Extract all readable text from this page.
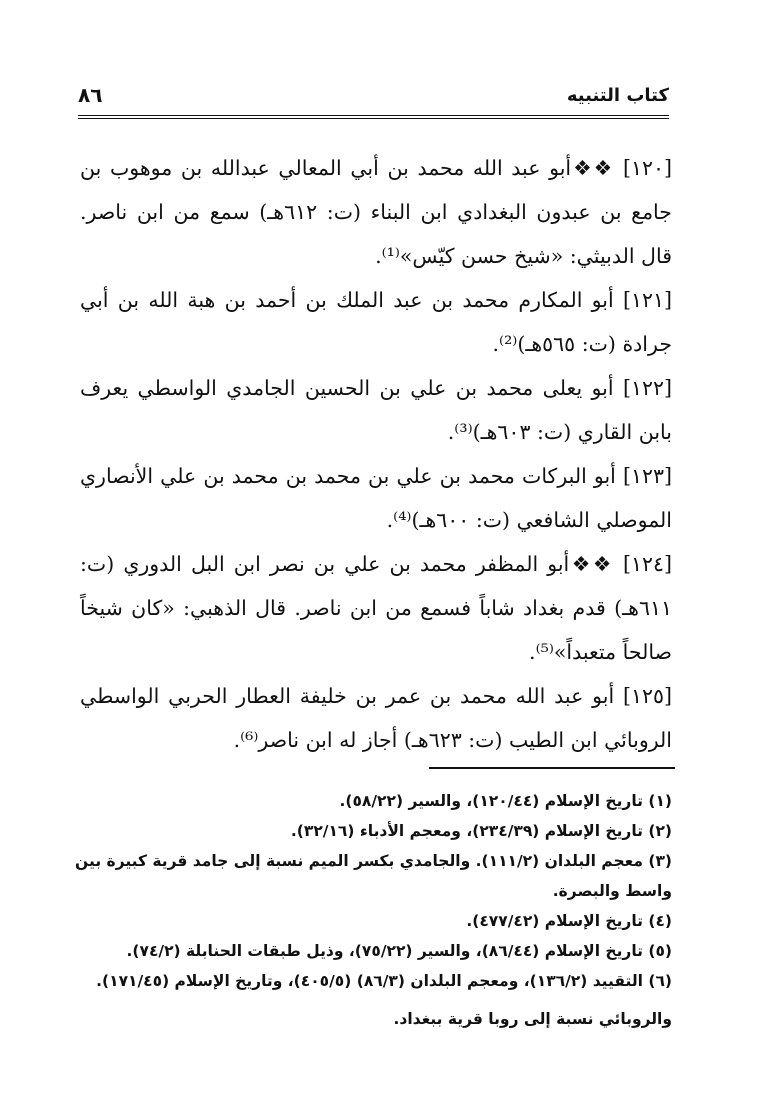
كتاب التنبيه
٨٦

[١٢٠] ❖❖أبو عبد الله محمد بن أبي المعالي عبدالله بن موهوب بن جامع بن عبدون البغدادي ابن البناء (ت: ٦١٢هـ) سمع من ابن ناصر. قال الدبيثي: «شيخ حسن كيّس»⁽¹⁾.

[١٢١] أبو المكارم محمد بن عبد الملك بن أحمد بن هبة الله بن أبي جرادة (ت: ٥٦٥هـ)⁽²⁾.

[١٢٢] أبو يعلى محمد بن علي بن الحسين الجامدي الواسطي يعرف بابن القاري (ت: ٦٠٣هـ)⁽³⁾.

[١٢٣] أبو البركات محمد بن علي بن محمد بن محمد بن علي الأنصاري الموصلي الشافعي (ت: ٦٠٠هـ)⁽⁴⁾.

[١٢٤] ❖❖أبو المظفر محمد بن علي بن نصر ابن البل الدوري (ت: ٦١١هـ) قدم بغداد شاباً فسمع من ابن ناصر. قال الذهبي: «كان شيخاً صالحاً متعبداً»⁽⁵⁾.

[١٢٥] أبو عبد الله محمد بن عمر بن خليفة العطار الحربي الواسطي الروبائي ابن الطيب (ت: ٦٢٣هـ) أجاز له ابن ناصر⁽⁶⁾.

(١) تاريخ الإسلام (١٢٠/٤٤)، والسير (٥٨/٢٢).

(٢) تاريخ الإسلام (٢٣٤/٣٩)، ومعجم الأدباء (٣٢/١٦).

(٣) معجم البلدان (١١١/٢). والجامدي بكسر الميم نسبة إلى جامد قرية كبيرة بين واسط والبصرة.

(٤) تاريخ الإسلام (٤٧٧/٤٢).

(٥) تاريخ الإسلام (٨٦/٤٤)، والسير (٧٥/٢٢)، وذيل طبقات الحنابلة (٧٤/٢).

(٦) التقييد (١٣٦/٢)، ومعجم البلدان (٨٦/٣) (٤٠٥/٥)، وتاريخ الإسلام (١٧١/٤٥).

والروبائي نسبة إلى روبا قرية ببغداد.
